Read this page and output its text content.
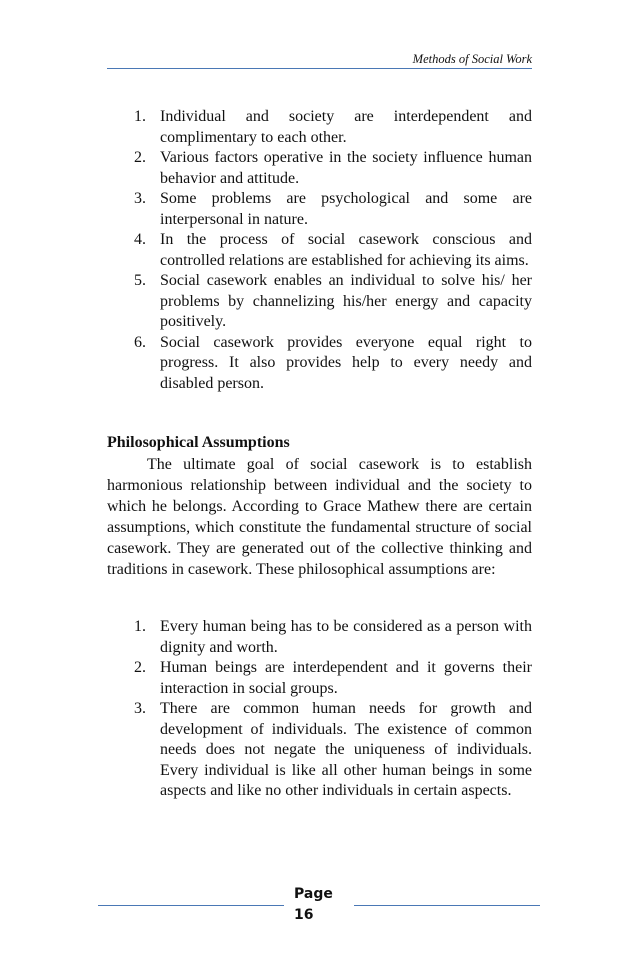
Methods of Social Work
1. Individual and society are interdependent and complimentary to each other.
2. Various factors operative in the society influence human behavior and attitude.
3. Some problems are psychological and some are interpersonal in nature.
4. In the process of social casework conscious and controlled relations are established for achieving its aims.
5. Social casework enables an individual to solve his/ her problems by channelizing his/her energy and capacity positively.
6. Social casework provides everyone equal right to progress. It also provides help to every needy and disabled person.
Philosophical Assumptions

The ultimate goal of social casework is to establish harmonious relationship between individual and the society to which he belongs. According to Grace Mathew there are certain assumptions, which constitute the fundamental structure of social casework. They are generated out of the collective thinking and traditions in casework. These philosophical assumptions are:

1. Every human being has to be considered as a person with dignity and worth.
2. Human beings are interdependent and it governs their interaction in social groups.
3. There are common human needs for growth and development of individuals. The existence of common needs does not negate the uniqueness of individuals. Every individual is like all other human beings in some aspects and like no other individuals in certain aspects.
Page
16
